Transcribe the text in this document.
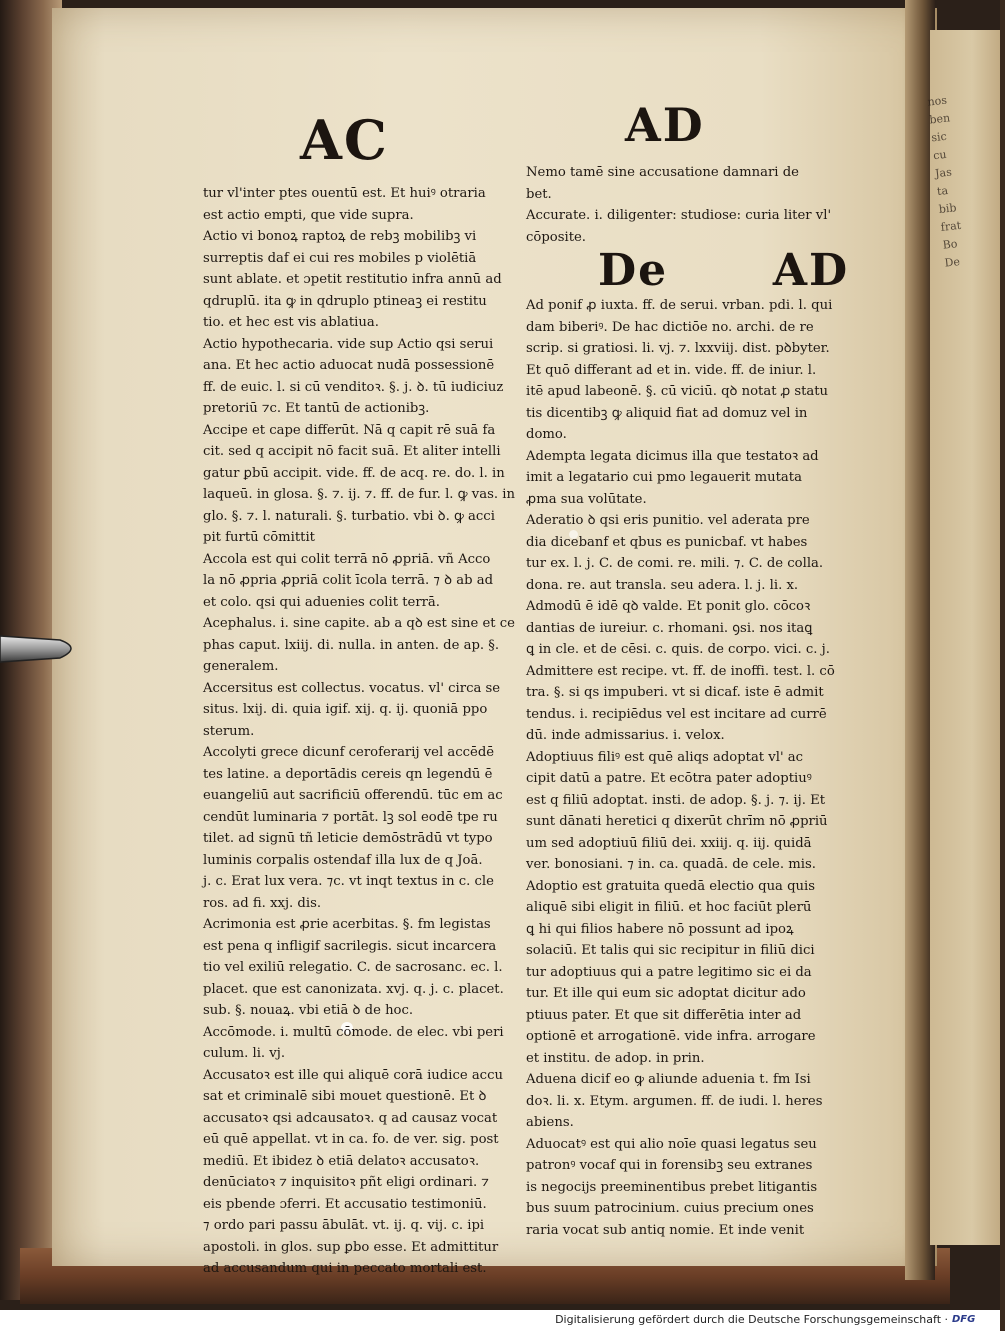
nos
ben
sic
cu
Jas
ta
bib
frat
Bo
De
AC	AD
De AD
tur vl'inter ptes ouentū est. Et huiꝰ otraria
est actio empti, que vide supra.
Actio vi bonoꝝ raptoꝝ de rebꝫ mobilibꝫ vi
surreptis daf ei cui res mobiles p violētiā
sunt ablate. et ɔpetit restitutio infra annū ad
qdruplū. ita ꝙ in qdruplo ptineaꝫ ei restitu
tio. et hec est vis ablatiua.
Actio hypothecaria. vide sup Actio qsi serui
ana. Et hec actio aduocat nudā possessionē
ff. de euic. l. si cū venditoꝛ. §. j. ꝺ. tū iudiciuz
pretoriū ⁊c. Et tantū de actionibꝫ.
Accipe et cape differūt. Nā q capit rē suā fa
cit. sed q accipit nō facit suā. Et aliter intelli
gatur ꝑbū accipit. vide. ff. de acq. re. do. l. in
laqueū. in glosa. §. ⁊. ij. ⁊. ff. de fur. l. ꝙ vas. in
glo. §. ⁊. l. naturali. §. turbatio. vbi ꝺ. ꝙ acci
pit furtū cōmittit
Accola est qui colit terrā nō ꝓpriā. vñ Acco
la nō ꝓpria ꝓpriā colit īcola terrā. ⁊ ꝺ ab ad
et colo. qsi qui aduenies colit terrā.
Acephalus. i. sine capite. ab a qꝺ est sine et ce
phas caput. lxiij. di. nulla. in anten. de ap. §.
generalem.
Accersitus est collectus. vocatus. vl' circa se
situs. lxij. di. quia igif. xij. q. ij. quoniā ppo
sterum.
Accolyti grece dicunf ceroferarij vel accēdē
tes latine. a deportādis cereis qn legendū ē
euangeliū aut sacrificiū offerendū. tūc em ac
cendūt luminaria ⁊ portāt. lꝫ sol eodē tpe ru
tilet. ad signū tñ leticie demōstrādū vt typo
luminis corpalis ostendaf illa lux de q Joā.
j. c. Erat lux vera. ⁊c. vt inqt textus in c. cle
ros. ad fi. xxj. dis.
Acrimonia est ꝓrie acerbitas. §. fm legistas
est pena q infligif sacrilegis. sicut incarcera
tio vel exiliū relegatio. C. de sacrosanc. ec. l.
placet. que est canonizata. xvj. q. j. c. placet.
sub. §. nouaꝝ. vbi etiā ꝺ de hoc.
Accōmode. i. multū cōmode. de elec. vbi peri
culum. li. vj.
Accusatoꝛ est ille qui aliquē corā iudice accu
sat et criminalē sibi mouet questionē. Et ꝺ
accusatoꝛ qsi adcausatoꝛ. q ad causaz vocat
eū quē appellat. vt in ca. fo. de ver. sig. post
mediū. Et ibidez ꝺ etiā delatoꝛ accusatoꝛ.
denūciatoꝛ ⁊ inquisitoꝛ pñt eligi ordinari. ⁊
eis pbende ɔferri. Et accusatio testimoniū.
⁊ ordo pari passu ābulāt. vt. ij. q. vij. c. ipi
apostoli. in glos. sup ꝑbo esse. Et admittitur
ad accusandum qui in peccato mortali est.
Nemo tamē sine accusatione damnari de
bet.
Accurate. i. diligenter: studiose: curia liter vl'
cōposite.
Ad ponif ꝓ iuxta. ff. de serui. vrban. pdi. l. qui
dam biberiꝰ. De hac dictiōe no. archi. de re
scrip. si gratiosi. li. vj. ⁊. lxxviij. dist. pꝺbyter.
Et quō differant ad et in. vide. ff. de iniur. l.
itē apud labeonē. §. cū viciū. qꝺ notat ꝓ statu
tis dicentibꝫ ꝙ aliquid fiat ad domuz vel in
domo.
Adempta legata dicimus illa que testatoꝛ ad
imit a legatario cui pmo legauerit mutata
ꝓma sua volūtate.
Aderatio ꝺ qsi eris punitio. vel aderata pre
dia dicebanf et qbus es punicbaf. vt habes
tur ex. l. j. C. de comi. re. mili. ⁊. C. de colla.
dona. re. aut transla. seu adera. l. j. li. x.
Admodū ē idē qꝺ valde. Et ponit glo. cōcoꝛ
dantias de iureiur. c. rhomani. ꝯsi. nos itaꝗ
ꝗ in cle. et de cēsi. c. quis. de corpo. vici. c. j.
Admittere est recipe. vt. ff. de inoffi. test. l. cō
tra. §. si qs impuberi. vt si dicaf. iste ē admit
tendus. i. recipiēdus vel est incitare ad currē
dū. inde admissarius. i. velox.
Adoptiuus filiꝰ est quē aliqs adoptat vl' ac
cipit datū a patre. Et ecōtra pater adoptiuꝰ
est q filiū adoptat. insti. de adop. §. j. ⁊. ij. Et
sunt dānati heretici q dixerūt chrīm nō ꝓpriū
um sed adoptiuū filiū dei. xxiij. q. iij. quidā
ver. bonosiani. ⁊ in. ca. quadā. de cele. mis.
Adoptio est gratuita quedā electio qua quis
aliquē sibi eligit in filiū. et hoc faciūt plerū
ꝗ hi qui filios habere nō possunt ad ipoꝝ
solaciū. Et talis qui sic recipitur in filiū dici
tur adoptiuus qui a patre legitimo sic ei da
tur. Et ille qui eum sic adoptat dicitur ado
ptiuus pater. Et que sit differētia inter ad
optionē et arrogationē. vide infra. arrogare
et institu. de adop. in prin.
Aduena dicif eo ꝙ aliunde aduenia t. fm Isi
doꝛ. li. x. Etym. argumen. ff. de iudi. l. heres
abiens.
Aduocatꝰ est qui alio noīe quasi legatus seu
patronꝰ vocaf qui in forensibꝫ seu extranes
is negocijs preeminentibus prebet litigantis
bus suum patrocinium. cuius precium ones
raria vocat sub antiq nomie. Et inde venit
Digitalisierung gefördert durch die Deutsche Forschungsgemeinschaft · DFG
